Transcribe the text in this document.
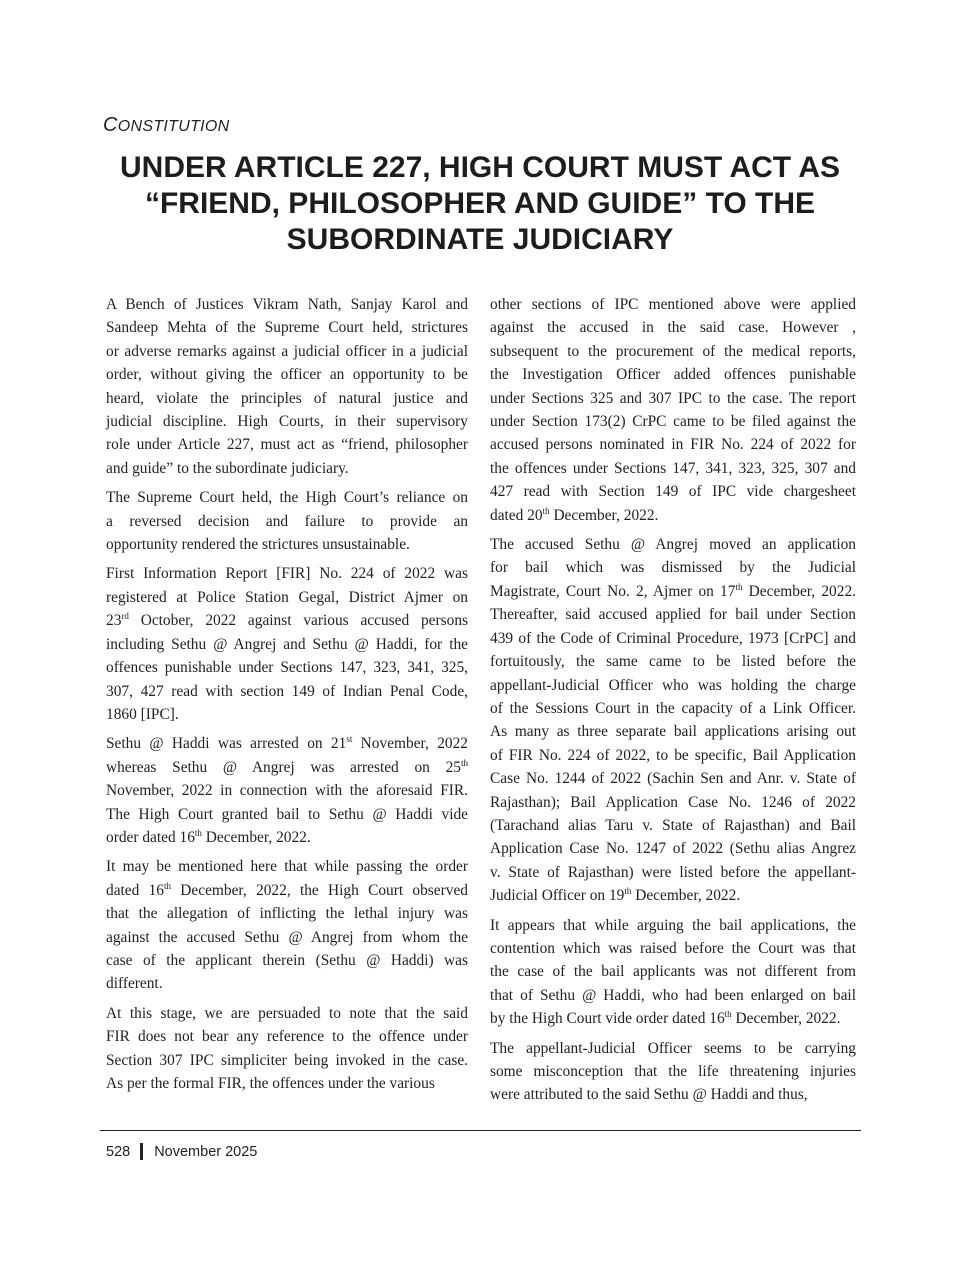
CONSTITUTION
UNDER ARTICLE 227, HIGH COURT MUST ACT AS
“FRIEND, PHILOSOPHER AND GUIDE” TO THE
SUBORDINATE JUDICIARY

A Bench of Justices Vikram Nath, Sanjay Karol and
Sandeep Mehta of the Supreme Court held, strictures
or adverse remarks against a judicial officer in a judicial
order, without giving the officer an opportunity to be
heard, violate the principles of natural justice and
judicial discipline. High Courts, in their supervisory
role under Article 227, must act as “friend, philosopher
and guide” to the subordinate judiciary.

The Supreme Court held, the High Court’s reliance on
a reversed decision and failure to provide an
opportunity rendered the strictures unsustainable.

First Information Report [FIR] No. 224 of 2022 was
registered at Police Station Gegal, District Ajmer on
23rd October, 2022 against various accused persons
including Sethu @ Angrej and Sethu @ Haddi, for the
offences punishable under Sections 147, 323, 341, 325,
307, 427 read with section 149 of Indian Penal Code,
1860 [IPC].

Sethu @ Haddi was arrested on 21st November, 2022
whereas Sethu @ Angrej was arrested on 25th
November, 2022 in connection with the aforesaid FIR.
The High Court granted bail to Sethu @ Haddi vide
order dated 16th December, 2022.

It may be mentioned here that while passing the order
dated 16th December, 2022, the High Court observed
that the allegation of inflicting the lethal injury was
against the accused Sethu @ Angrej from whom the
case of the applicant therein (Sethu @ Haddi) was
different.

At this stage, we are persuaded to note that the said
FIR does not bear any reference to the offence under
Section 307 IPC simpliciter being invoked in the case.
As per the formal FIR, the offences under the various

other sections of IPC mentioned above were applied
against the accused in the said case. However ,
subsequent to the procurement of the medical reports,
the Investigation Officer added offences punishable
under Sections 325 and 307 IPC to the case. The report
under Section 173(2) CrPC came to be filed against the
accused persons nominated in FIR No. 224 of 2022 for
the offences under Sections 147, 341, 323, 325, 307 and
427 read with Section 149 of IPC vide chargesheet
dated 20th December, 2022.

The accused Sethu @ Angrej moved an application
for bail which was dismissed by the Judicial
Magistrate, Court No. 2, Ajmer on 17th December, 2022.
Thereafter, said accused applied for bail under Section
439 of the Code of Criminal Procedure, 1973 [CrPC] and
fortuitously, the same came to be listed before the
appellant-Judicial Officer who was holding the charge
of the Sessions Court in the capacity of a Link Officer.
As many as three separate bail applications arising out
of FIR No. 224 of 2022, to be specific, Bail Application
Case No. 1244 of 2022 (Sachin Sen and Anr. v. State of
Rajasthan); Bail Application Case No. 1246 of 2022
(Tarachand alias Taru v. State of Rajasthan) and Bail
Application Case No. 1247 of 2022 (Sethu alias Angrez
v. State of Rajasthan) were listed before the appellant-
Judicial Officer on 19th December, 2022.

It appears that while arguing the bail applications, the
contention which was raised before the Court was that
the case of the bail applicants was not different from
that of Sethu @ Haddi, who had been enlarged on bail
by the High Court vide order dated 16th December, 2022.

The appellant-Judicial Officer seems to be carrying
some misconception that the life threatening injuries
were attributed to the said Sethu @ Haddi and thus,

528 November 2025
